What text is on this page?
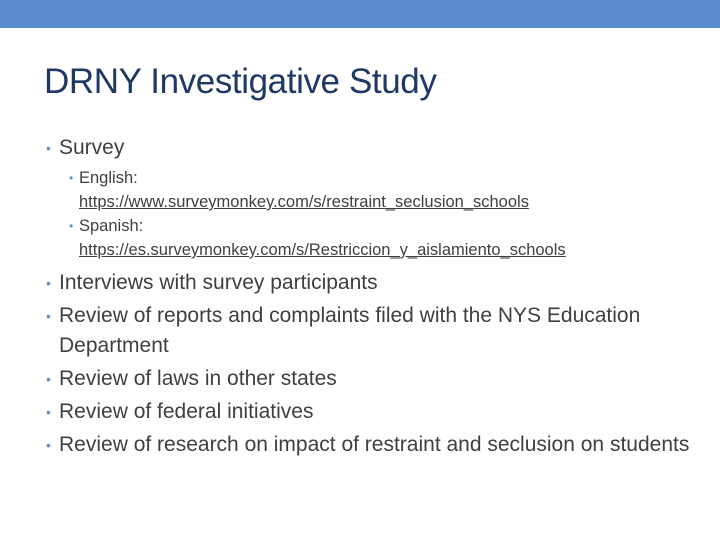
DRNY Investigative Study
• Survey
• English:
https://www.surveymonkey.com/s/restraint_seclusion_schools
• Spanish:
https://es.surveymonkey.com/s/Restriccion_y_aislamiento_schools
• Interviews with survey participants
• Review of reports and complaints filed with the NYS Education Department
• Review of laws in other states
• Review of federal initiatives
• Review of research on impact of restraint and seclusion on students
